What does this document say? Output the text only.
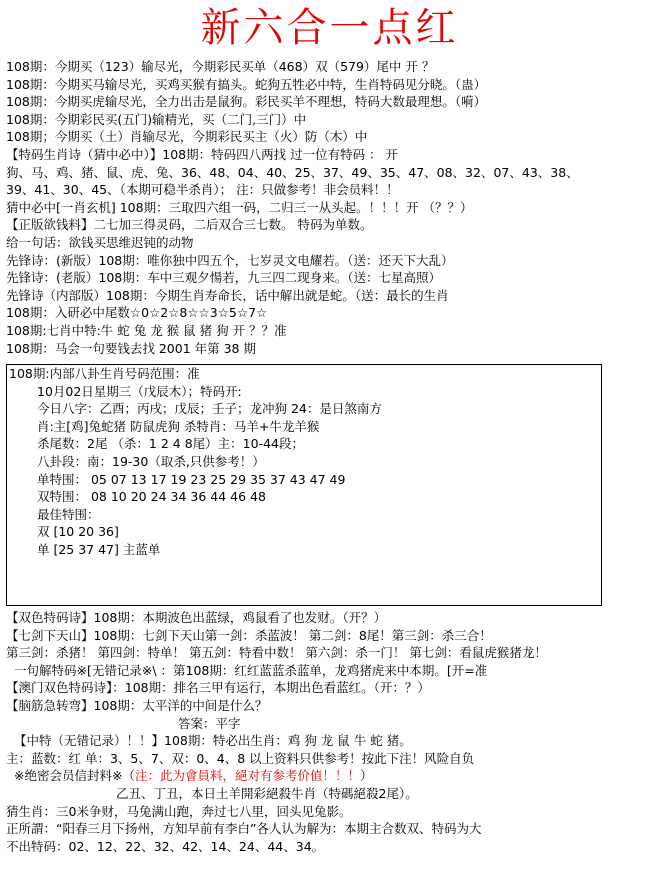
新六合一点红
108期：今期买（123）输尽光，今期彩民买单（468）双（579）尾中 开 ？
108期：今期买马输尽光，买鸡买猴有搞头。蛇狗五牲必中特，生肖特码见分晓。（蛊）
108期：今期买虎输尽光，全力出击是鼠狗。彩民买羊不理想，特码大数最理想。（嗬）
108期：今期彩民买(五门)输精光，买（二门,三门）中
108期；今期买（土）肖输尽光，今期彩民买主（火）防（木）中
【特码生肖诗（猜中必中）】108期：特码四八两找 过一位有特码 ： 开
狗、马、鸡、猪、鼠、虎、兔、36、48、04、40、25、37、49、35、47、08、32、07、43、38、
39、41、30、45、（本期可稳半杀肖）； 注：只做参考！非会员料！！
猜中必中[一肖玄机] 108期：三取四六组一码，二归三一从头起。！！！开 （？？）
【正版欲钱料】二七加三得灵码，二后双合三七数。 特码为单数。
给一句话：欲钱买思维迟钝的动物
先锋诗：(新版）108期：唯你独中四五个，七岁灵文电耀若。（送：还天下大乱）
先锋诗：(老版）108期：车中三观夕愓若，九三四二现身来。（送：七星高照）
先锋诗（内部版）108期：今期生肖寿命长，话中解出就是蛇。（送：最长的生肖
108期：入研必中尾数☆0☆2☆8☆☆3☆5☆7☆
108期:七肖中特:牛 蛇 兔 龙 猴 鼠 猪 狗 开 ？？准
108期：马会一句要钱去找 2001 年第 38 期
108期:内部八卦生肖号码范围：准
10月02日星期三（戊辰木）；特码开:
今日八字：乙酉；丙戌；戊辰；壬子；龙冲狗 24：是日煞南方
肖:主[鸡]兔蛇猪 防鼠虎狗 杀特肖：马羊+牛龙羊猴
杀尾数：2尾 （杀：1 2 4 8尾）主：10-44段；
八卦段：南：19-30（取杀,只供参考！）
单特围： 05 07 13 17 19 23 25 29 35 37 43 47 49
双特围： 08 10 20 24 34 36 44 46 48
最佳特围：
双 [10 20 36]
单 [25 37 47] 主蓝单
【双色特码诗】108期：本期波色出蓝绿，鸡鼠看了也发财。（开？）
【七剑下天山】108期：七剑下天山第一剑：杀蓝波！ 第二剑：8尾！第三剑：杀三合！
第三剑：杀猪！ 第四剑：特单！ 第五剑：特看中数！ 第六剑：杀一门！ 第七剑：看鼠虎猴猪龙！
一句解特码※[无错记录※\ ：第108期：红红蓝蓝杀蓝单，龙鸡猪虎来中本期。[开=准
【澳门双色特码诗】：108期：排名三甲有运行，本期出色看蓝红。（开：？）
【脑筋急转弯】108期：太平洋的中间是什么？
答案：平字
【中特（无错记录）！！】108期：特必出生肖：鸡 狗 龙 鼠 牛 蛇 猪。
主：蓝数：红 单：3、5、7、双：0、4、8 以上资料只供参考！按此下注！风险自负
※绝密会员信封料※（注：此为會員料，絕对有参考价值！！！）
乙丑、丁丑，本日土羊開彩絕殺牛肖（特碼絕殺2尾）。
猜生肖：三0米争财，马兔满山跑，奔过七八里，回头见兔影。
正所謂：“阳春三月下扬州，方知早前有李白”各人认为解为：本期主合数双、特码为大
不出特码：02、12、22、32、42、14、24、44、34。
